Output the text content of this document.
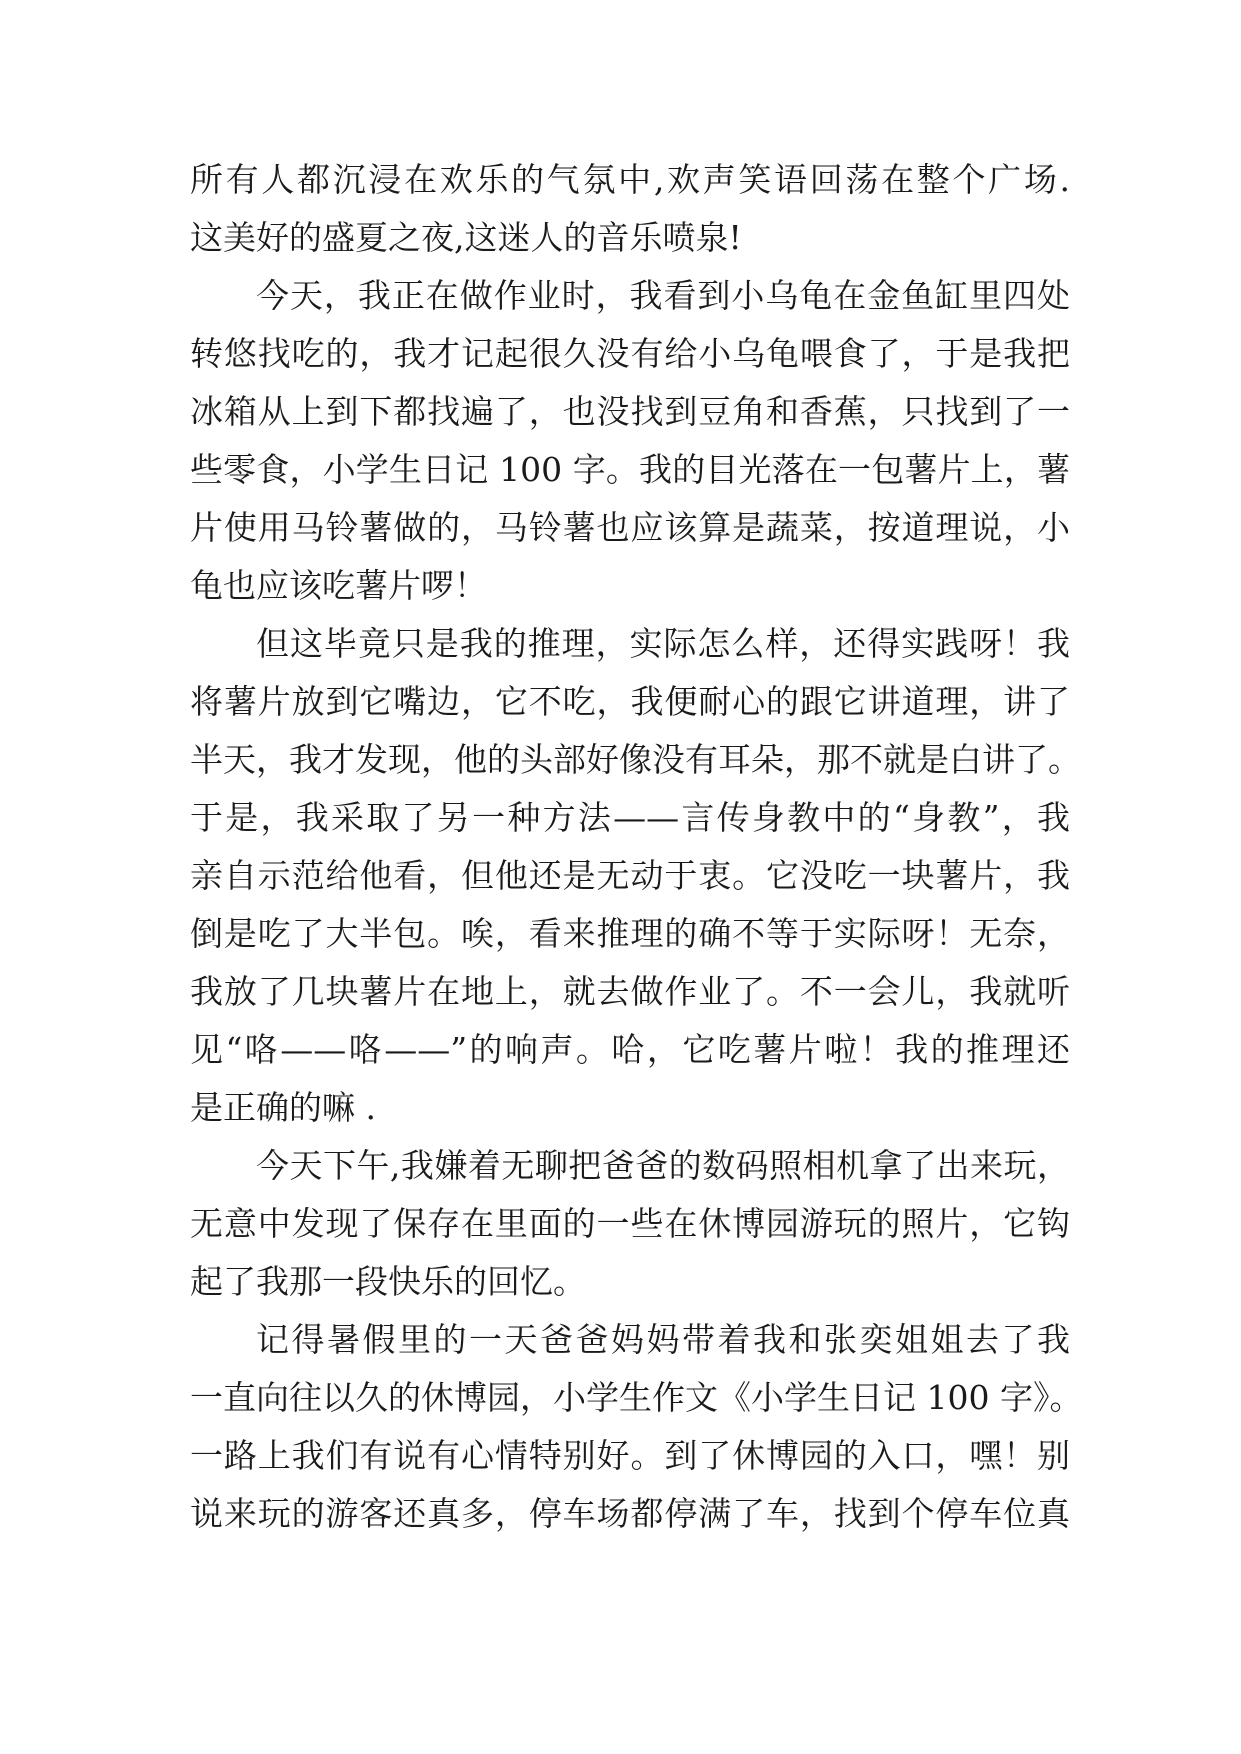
所有人都沉浸在欢乐的气氛中,欢声笑语回荡在整个广场.
这美好的盛夏之夜,这迷人的音乐喷泉!
今天，我正在做作业时，我看到小乌龟在金鱼缸里四处
转悠找吃的，我才记起很久没有给小乌龟喂食了，于是我把
冰箱从上到下都找遍了，也没找到豆角和香蕉，只找到了一
些零食，小学生日记 100 字。我的目光落在一包薯片上，薯
片使用马铃薯做的，马铃薯也应该算是蔬菜，按道理说，小
龟也应该吃薯片啰！
但这毕竟只是我的推理，实际怎么样，还得实践呀！我
将薯片放到它嘴边，它不吃，我便耐心的跟它讲道理，讲了
半天，我才发现，他的头部好像没有耳朵，那不就是白讲了。
于是，我采取了另一种方法——言传身教中的“身教”，我
亲自示范给他看，但他还是无动于衷。它没吃一块薯片，我
倒是吃了大半包。唉，看来推理的确不等于实际呀！无奈，
我放了几块薯片在地上，就去做作业了。不一会儿，我就听
见“咯——咯——”的响声。哈，它吃薯片啦！我的推理还
是正确的嘛 .
今天下午,我嫌着无聊把爸爸的数码照相机拿了出来玩，
无意中发现了保存在里面的一些在休博园游玩的照片，它钩
起了我那一段快乐的回忆。
记得暑假里的一天爸爸妈妈带着我和张奕姐姐去了我
一直向往以久的休博园，小学生作文《小学生日记 100 字》。
一路上我们有说有心情特别好。到了休博园的入口，嘿！别
说来玩的游客还真多，停车场都停满了车，找到个停车位真
